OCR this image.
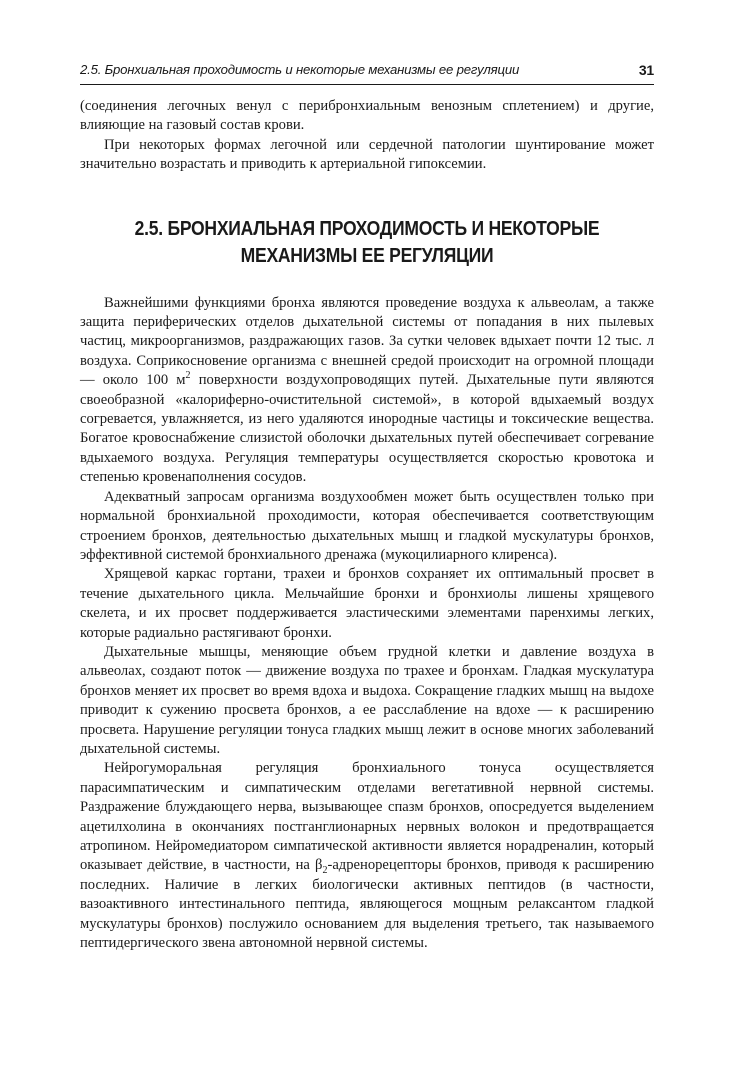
2.5. Бронхиальная проходимость и некоторые механизмы ее регуляции	31

(соединения легочных венул с перибронхиальным венозным сплетением) и другие, влияющие на газовый состав крови.

При некоторых формах легочной или сердечной патологии шунтирование может значительно возрастать и приводить к артериальной гипоксемии.

2.5. БРОНХИАЛЬНАЯ ПРОХОДИМОСТЬ И НЕКОТОРЫЕ
МЕХАНИЗМЫ ЕЕ РЕГУЛЯЦИИ

Важнейшими функциями бронха являются проведение воздуха к альвеолам, а также защита периферических отделов дыхательной системы от попадания в них пылевых частиц, микроорганизмов, раздражающих газов. За сутки человек вдыхает почти 12 тыс. л воздуха. Соприкосновение организма с внешней средой происходит на огромной площади — около 100 $м^2$ поверхности воздухопроводящих путей. Дыхательные пути являются своеобразной «калориферно-очистительной системой», в которой вдыхаемый воздух согревается, увлажняется, из него удаляются инородные частицы и токсические вещества. Богатое кровоснабжение слизистой оболочки дыхательных путей обеспечивает согревание вдыхаемого воздуха. Регуляция температуры осуществляется скоростью кровотока и степенью кровенаполнения сосудов.

Адекватный запросам организма воздухообмен может быть осуществлен только при нормальной бронхиальной проходимости, которая обеспечивается соответствующим строением бронхов, деятельностью дыхательных мышц и гладкой мускулатуры бронхов, эффективной системой бронхиального дренажа (мукоцилиарного клиренса).

Хрящевой каркас гортани, трахеи и бронхов сохраняет их оптимальный просвет в течение дыхательного цикла. Мельчайшие бронхи и бронхиолы лишены хрящевого скелета, и их просвет поддерживается эластическими элементами паренхимы легких, которые радиально растягивают бронхи.

Дыхательные мышцы, меняющие объем грудной клетки и давление воздуха в альвеолах, создают поток — движение воздуха по трахее и бронхам. Гладкая мускулатура бронхов меняет их просвет во время вдоха и выдоха. Сокращение гладких мышц на выдохе приводит к сужению просвета бронхов, а ее расслабление на вдохе — к расширению просвета. Нарушение регуляции тонуса гладких мышц лежит в основе многих заболеваний дыхательной системы.

Нейрогуморальная регуляция бронхиального тонуса осуществляется парасимпатическим и симпатическим отделами вегетативной нервной системы. Раздражение блуждающего нерва, вызывающее спазм бронхов, опосредуется выделением ацетилхолина в окончаниях постганглионарных нервных волокон и предотвращается атропином. Нейромедиатором симпатической активности является норадреналин, который оказывает действие, в частности, на $\beta_2$-адренорецепторы бронхов, приводя к расширению последних. Наличие в легких биологически активных пептидов (в частности, вазоактивного интестинального пептида, являющегося мощным релаксантом гладкой мускулатуры бронхов) послужило основанием для выделения третьего, так называемого пептидергического звена автономной нервной системы.
